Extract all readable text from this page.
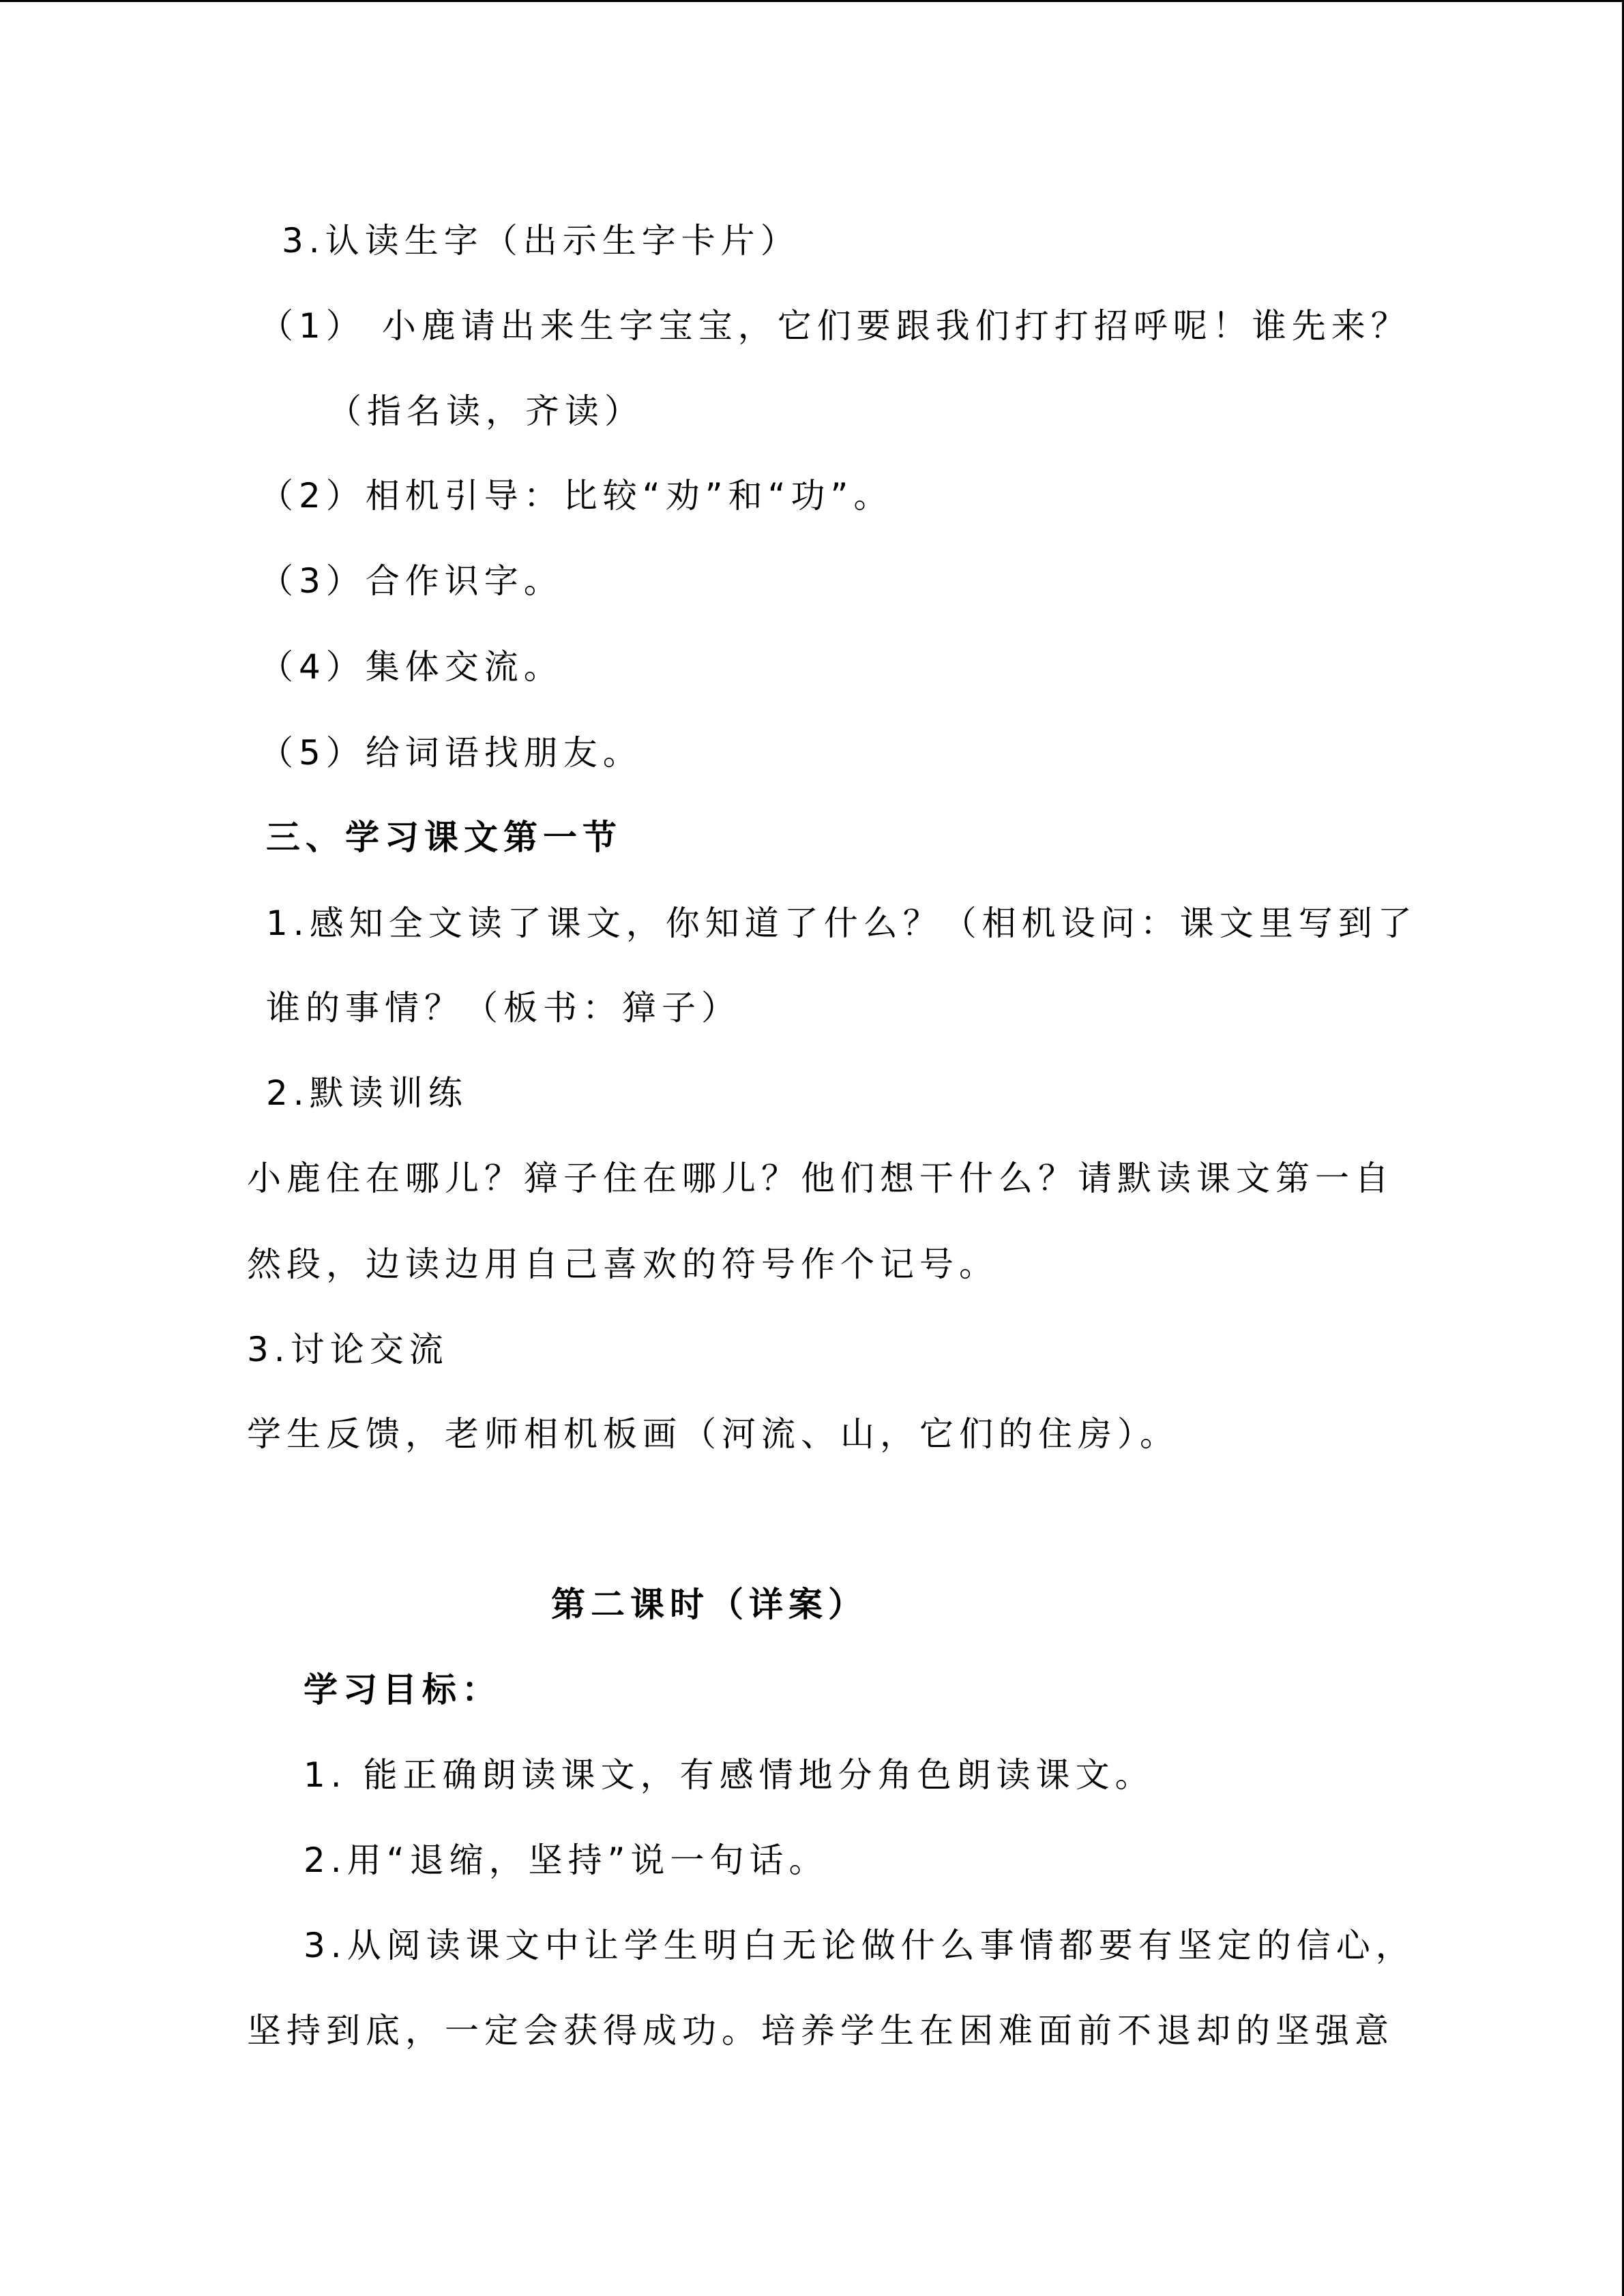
3.认读生字（出示生字卡片）
（1） 小鹿请出来生字宝宝，它们要跟我们打打招呼呢！谁先来？
（指名读，齐读）
（2）相机引导：比较“劝”和“功”。
（3）合作识字。
（4）集体交流。
（5）给词语找朋友。
三、学习课文第一节
1.感知全文读了课文，你知道了什么？（相机设问：课文里写到了
谁的事情？（板书：獐子）
2.默读训练
小鹿住在哪儿？獐子住在哪儿？他们想干什么？请默读课文第一自
然段，边读边用自己喜欢的符号作个记号。
3.讨论交流
学生反馈，老师相机板画（河流、山，它们的住房）。
第二课时（详案）
学习目标：
1. 能正确朗读课文，有感情地分角色朗读课文。
2.用“退缩，坚持”说一句话。
3.从阅读课文中让学生明白无论做什么事情都要有坚定的信心，
坚持到底，一定会获得成功。培养学生在困难面前不退却的坚强意
